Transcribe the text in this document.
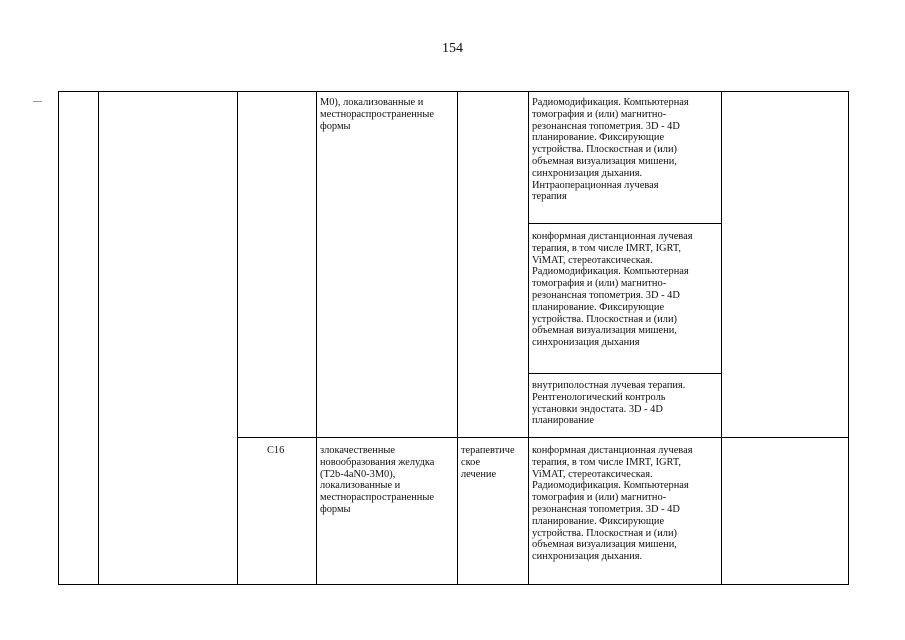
154
M0), локализованные и
местнораспространенные
формы
Радиомодификация. Компьютерная
томография и (или) магнитно-
резонансная топометрия. 3D - 4D
планирование. Фиксирующие
устройства. Плоскостная и (или)
объемная визуализация мишени,
синхронизация дыхания.
Интраоперационная лучевая
терапия
конформная дистанционная лучевая
терапия, в том числе IMRT, IGRT,
ViMAT, стереотаксическая.
Радиомодификация. Компьютерная
томография и (или) магнитно-
резонансная топометрия. 3D - 4D
планирование. Фиксирующие
устройства. Плоскостная и (или)
объемная визуализация мишени,
синхронизация дыхания
внутриполостная лучевая терапия.
Рентгенологический контроль
установки эндостата. 3D - 4D
планирование
C16	злокачественные
новообразования желудка
(T2b-4aN0-3M0),
локализованные и
местнораспространенные
формы
терапевтиче
ское
лечение
конформная дистанционная лучевая
терапия, в том числе IMRT, IGRT,
ViMAT, стереотаксическая.
Радиомодификация. Компьютерная
томография и (или) магнитно-
резонансная топометрия. 3D - 4D
планирование. Фиксирующие
устройства. Плоскостная и (или)
объемная визуализация мишени,
синхронизация дыхания.
